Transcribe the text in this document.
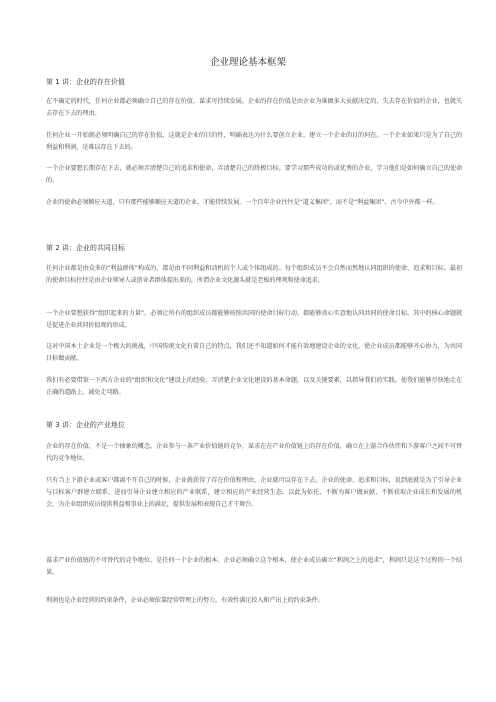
企业理论基本框架
第 1 讲：企业的存在价值

在不确定的时代，任何企业都必须确立自己的存在价值，谋求可持续发展。企业的存在价值是由企业为谁做多大贡献决定的，失去存在价值的企业，也就失去存在下去的理由。

任何企业一开始就必须明确自己的存在价值，这就是企业的目的性，明确表达为什么要创立企业，建立一个企业的目的何在。一个企业如果只是为了自己的利益和利润，是难以存在下去的。

一个企业要想长期存在下去，就必须弄清楚自己的追求和使命，弄清楚自己的终极目标。要学习那些成功的或优秀的企业，学习他们是如何确立自己的使命的。

企业的使命必须顺应天道，只有那些能够顺应天道的企业，才能持续发展。一个百年企业往往是“道义集团”，而不是“利益集团”。古今中外都一样。

第 2 讲：企业的共同目标

任何企业都是由众多的“利益群体”构成的，都是由不同利益和动机的个人或个体组成的。每个组织成员不会自然而然地认同组织的使命、追求和目标。最初的使命目标往往是由企业领导人或创业者群体提出来的，所谓企业文化源头就是老板的理观和使命追求。

一个企业要想获得“组织起来的力量”，必须让所有的组织成员都能够按照共同的使命目标行动，都能够真心实意地认同共同的使命目标。其中的核心命题就是促进企业共同价值观的形成。

这对中国本土企业是一个极大的挑战，中国传统文化有着自己的特点，我们还不知道如何才能有效地建设企业的文化，使企业成员都能够齐心协力，为共同目标做贡献。

我们有必要借鉴一下西方企业的“组织和文化”建设上的经验，弄清楚企业文化建设的基本命题，以及关键要素，以指导我们的实践。使我们能够尽快地走在正确的道路上，减免走弯路。

第 3 讲：企业的产业地位

企业的存在价值，不是一个抽象的概念。企业参与一条产业价值链的竞争，谋求在在产业价值链上的存在价值，确立在上游合作伙伴和下游客户之间不可替代的竞争地位。

只有当上下游企业或客户都离不开自己的时候，企业就获得了存在价值和理由，企业就可以存在下去。企业的使命、追求和目标，说到底就是为了引导企业与目标客户群建立联系，进而引导企业建立相应的产业联系，建立相应的产业经营生态。以此为依托，不断为客户做贡献，不断获取企业成长和发展的机会，为企业组织成员提供利益和事业上的满足，提供发展和表现自己才干舞台。

谋求产业价值链的不可替代的竞争地位，是任何一个企业的根本。企业必须确立这个根本，使企业成员确立“利润之上的追求”，利润只是这个过程的一个结果。

利润也是企业经营的约束条件，企业必须依靠经营管理上的努力，有效性满足投入和产出上的约束条件。
